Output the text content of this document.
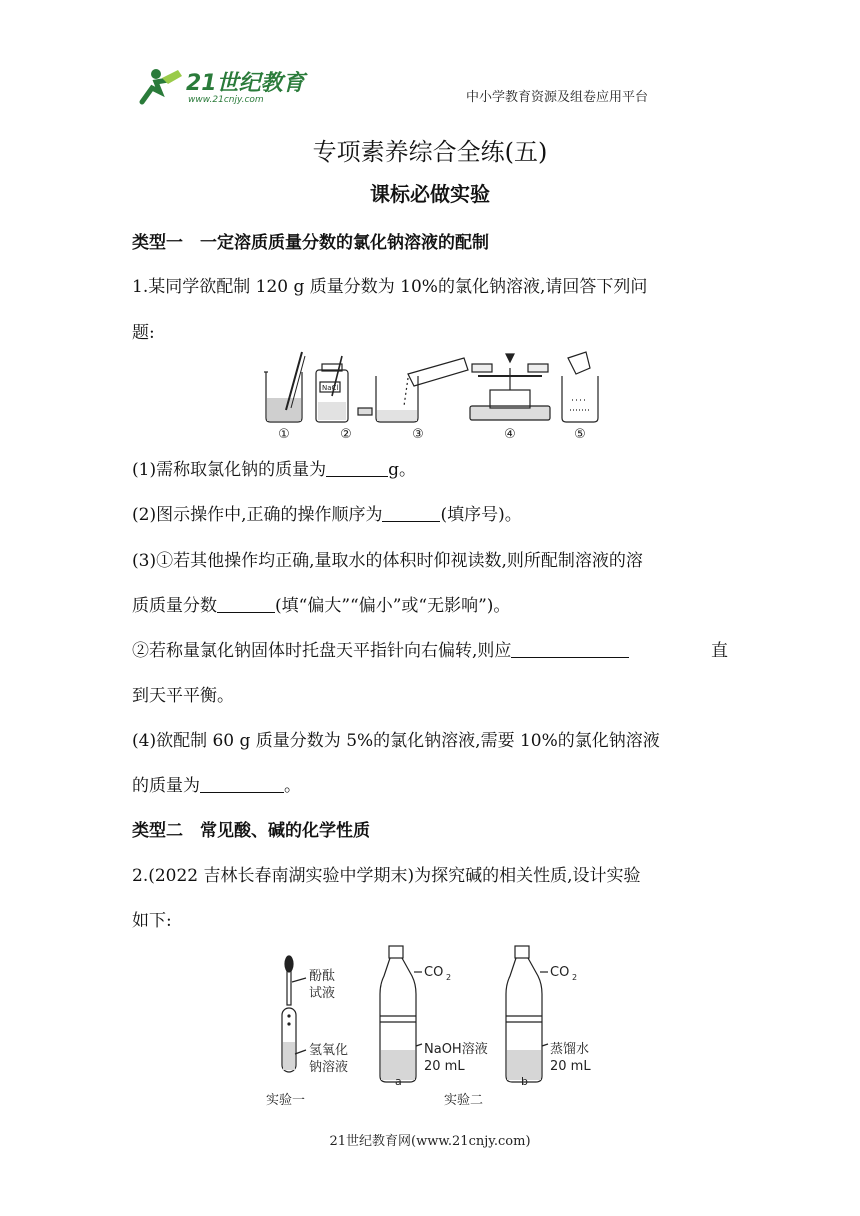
21世纪教育
www.21cnjy.com	中小学教育资源及组卷应用平台
专项素养综合全练(五)
课标必做实验
类型一　一定溶质质量分数的氯化钠溶液的配制
1.某同学欲配制 120 g 质量分数为 10%的氯化钠溶液,请回答下列问
题:
NaCl
①	②	③	④	⑤
(1)需称取氯化钠的质量为	g。
(2)图示操作中,正确的操作顺序为	(填序号)。
(3)①若其他操作均正确,量取水的体积时仰视读数,则所配制溶液的溶
质质量分数	(填“偏大”“偏小”或“无影响”)。
②若称量氯化钠固体时托盘天平指针向右偏转,则应	直
到天平平衡。
(4)欲配制 60 g 质量分数为 5%的氯化钠溶液,需要 10%的氯化钠溶液
的质量为	。
类型二　常见酸、碱的化学性质
2.(2022 吉林长春南湖实验中学期末)为探究碱的相关性质,设计实验
如下:
酚酞
试液
氢氧化
钠溶液
CO 2	CO 2
NaOH溶液
20 mL
蒸馏水
20 mL
a	b
实验一	实验二
21世纪教育网(www.21cnjy.com)
